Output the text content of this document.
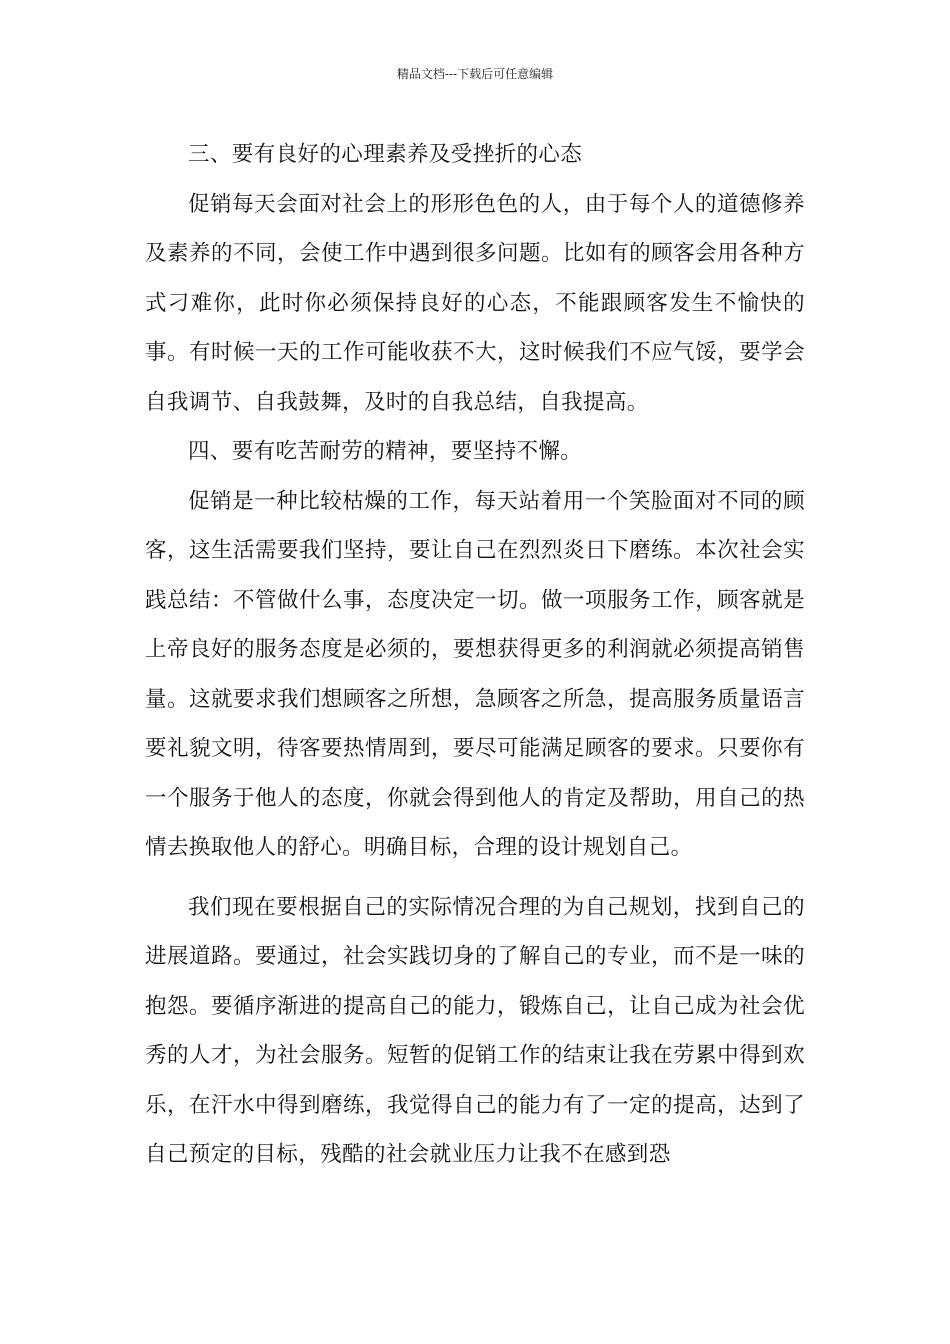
精品文档---下载后可任意编辑

三、要有良好的心理素养及受挫折的心态

促销每天会面对社会上的形形色色的人，由于每个人的道德修养及素养的不同，会使工作中遇到很多问题。比如有的顾客会用各种方式刁难你，此时你必须保持良好的心态，不能跟顾客发生不愉快的事。有时候一天的工作可能收获不大，这时候我们不应气馁，要学会自我调节、自我鼓舞，及时的自我总结，自我提高。

四、要有吃苦耐劳的精神，要坚持不懈。

促销是一种比较枯燥的工作，每天站着用一个笑脸面对不同的顾客，这生活需要我们坚持，要让自己在烈烈炎日下磨练。本次社会实践总结：不管做什么事，态度决定一切。做一项服务工作，顾客就是上帝良好的服务态度是必须的，要想获得更多的利润就必须提高销售量。这就要求我们想顾客之所想，急顾客之所急，提高服务质量语言要礼貌文明，待客要热情周到，要尽可能满足顾客的要求。只要你有一个服务于他人的态度，你就会得到他人的肯定及帮助，用自己的热情去换取他人的舒心。明确目标，合理的设计规划自己。

我们现在要根据自己的实际情况合理的为自己规划，找到自己的进展道路。要通过，社会实践切身的了解自己的专业，而不是一味的抱怨。要循序渐进的提高自己的能力，锻炼自己，让自己成为社会优秀的人才，为社会服务。短暂的促销工作的结束让我在劳累中得到欢乐，在汗水中得到磨练，我觉得自己的能力有了一定的提高，达到了自己预定的目标，残酷的社会就业压力让我不在感到恐
